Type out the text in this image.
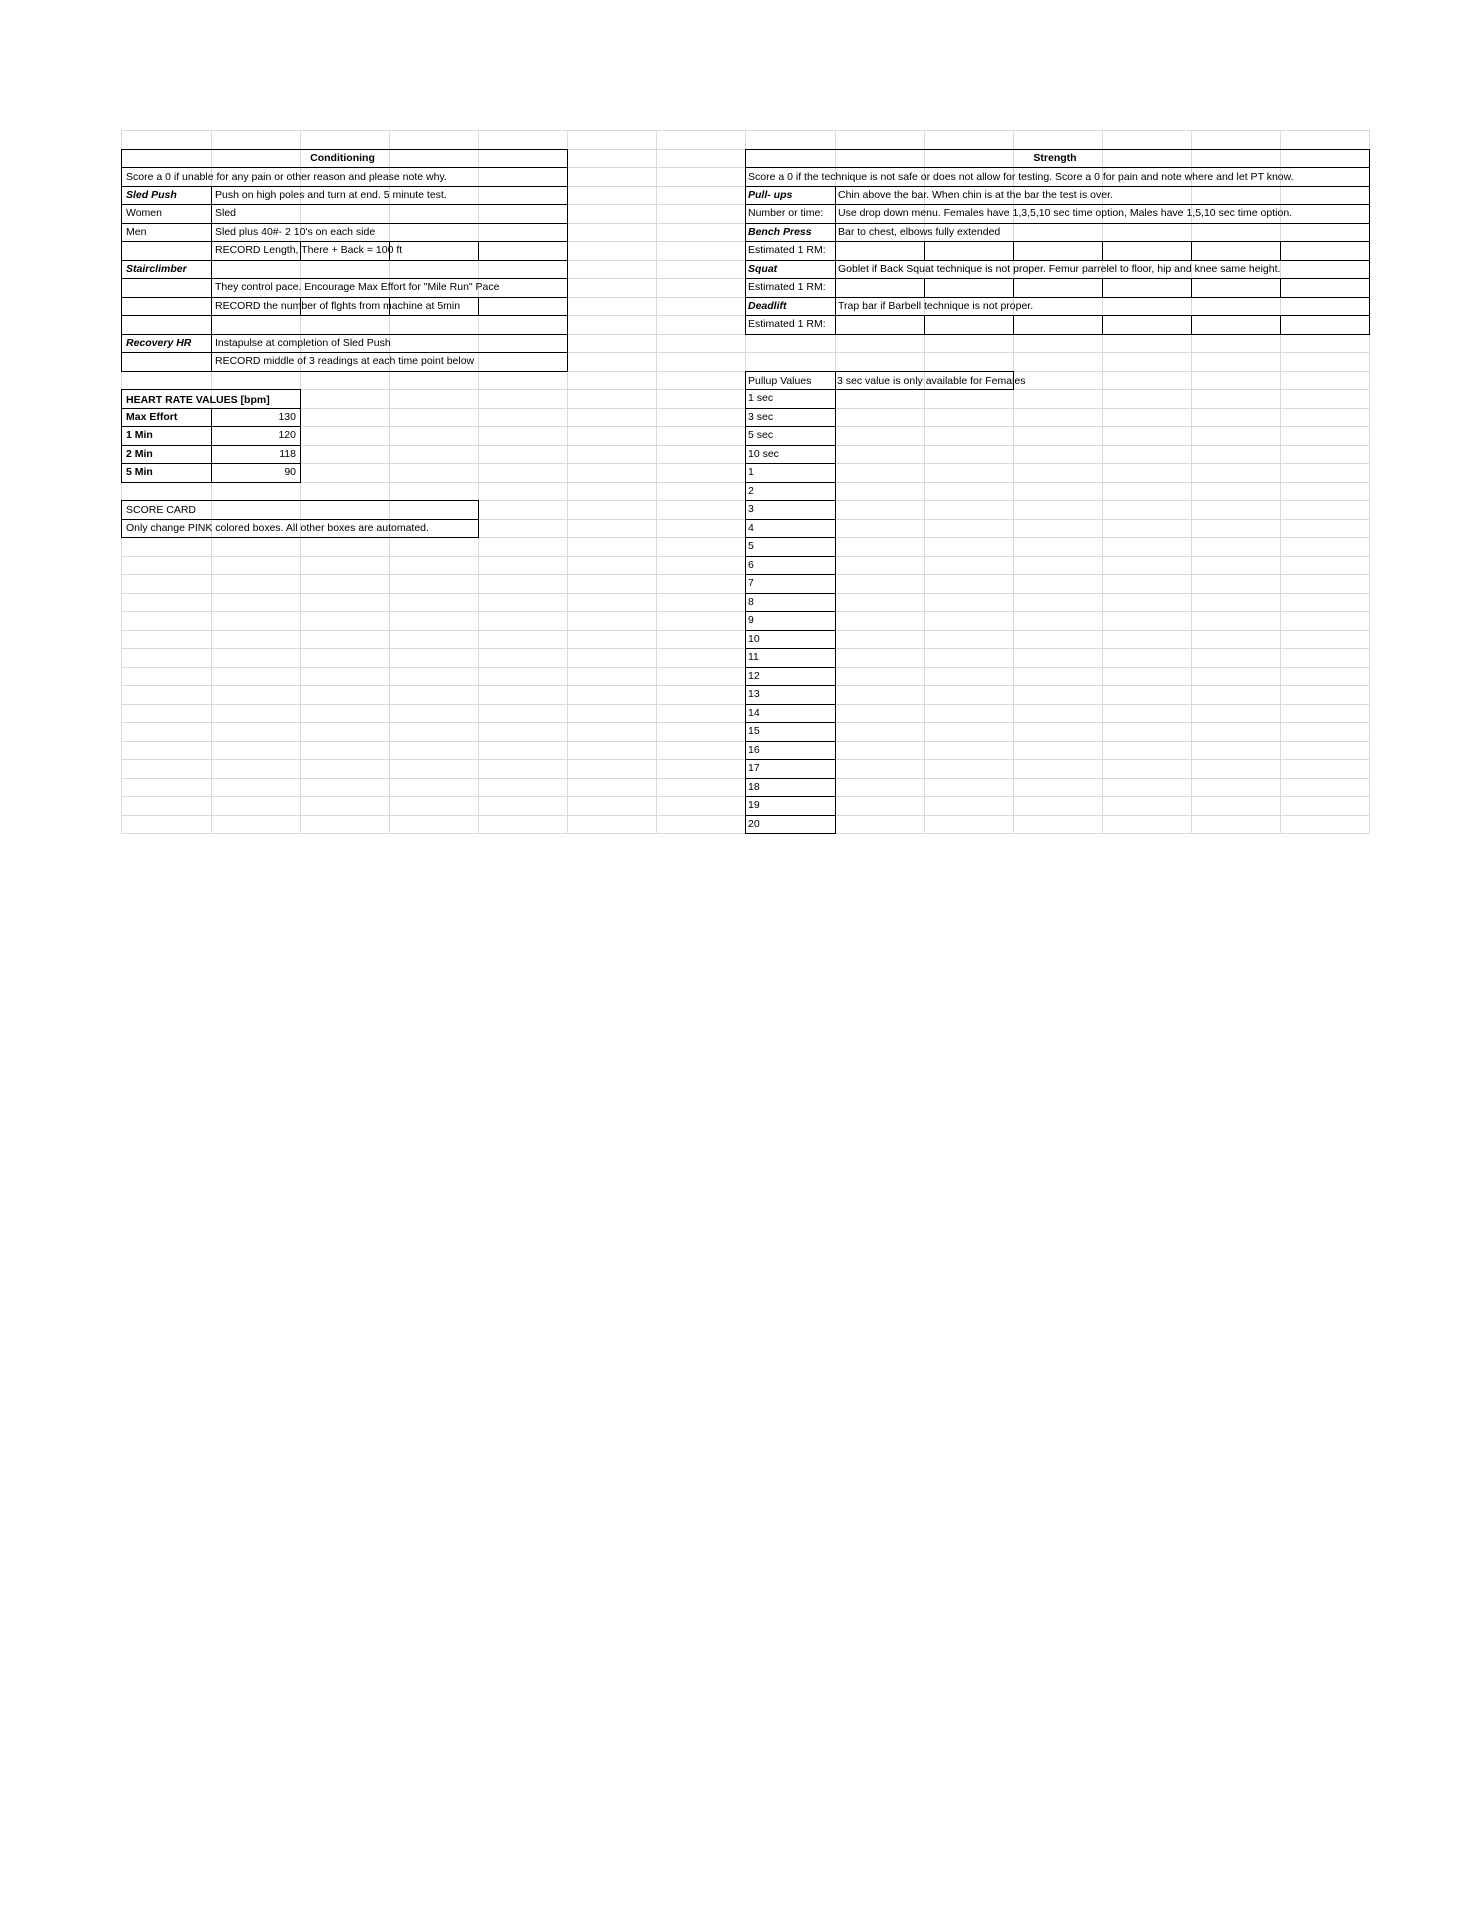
Conditioning
Score a 0 if unable for any pain or other reason and please note why.
Sled Push	Push on high poles and turn at end. 5 minute test.
Women	Sled
Men	Sled plus 40#- 2 10's on each side
RECORD Length, There + Back = 100 ft
Stairclimber
They control pace. Encourage Max Effort for "Mile Run" Pace
RECORD the number of flghts from machine at 5min
Recovery HR Instapulse at completion of Sled Push
RECORD middle of 3 readings at each time point below
HEART RATE VALUES [bpm]
Max Effort	130
1 Min	120
2 Min	118
5 Min	90
SCORE CARD
Only change PINK colored boxes. All other boxes are automated.
Strength
Score a 0 if the technique is not safe or does not allow for testing. Score a 0 for pain and note where and let PT know.
Pull- ups	Chin above the bar. When chin is at the bar the test is over.
Number or time: Use drop down menu. Females have 1,3,5,10 sec time option, Males have 1,5,10 sec time option.
Bench Press	Bar to chest, elbows fully extended
Estimated 1 RM:
Squat	Goblet if Back Squat technique is not proper. Femur parrelel to floor, hip and knee same height.
Estimated 1 RM:
Deadlift	Trap bar if Barbell technique is not proper.
Estimated 1 RM:
Pullup Values 3 sec value is only available for Females
1 sec
3 sec
5 sec
10 sec
1
2
3
4
5
6
7
8
9
10
11
12
13
14
15
16
17
18
19
20
